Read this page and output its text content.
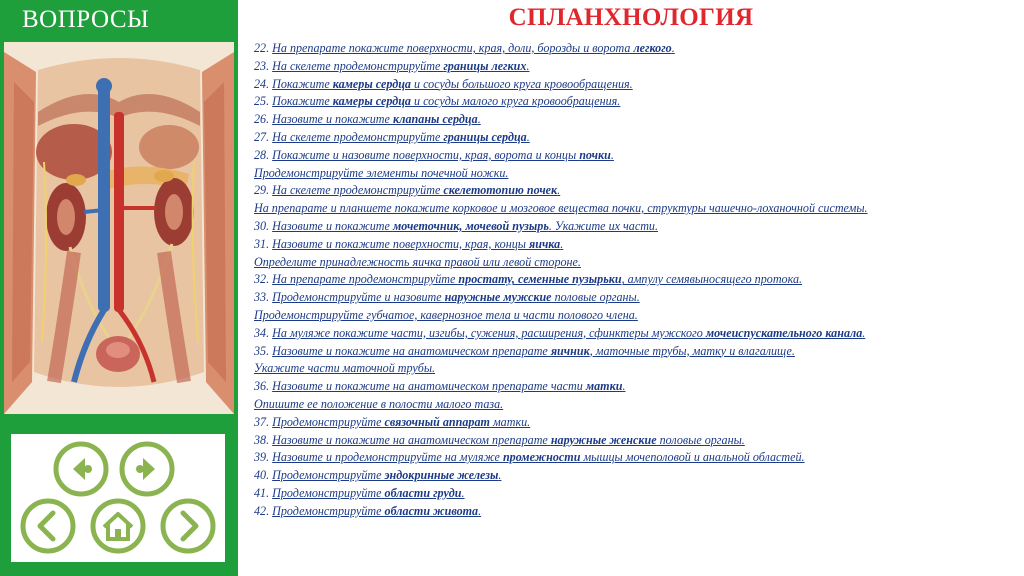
ВОПРОСЫ	СПЛАНХНОЛОГИЯ
22. На препарате покажите поверхности, края, доли, борозды и ворота легкого.
23. На скелете продемонстрируйте границы легких.
24. Покажите камеры сердца и сосуды большого круга кровообращения.
25. Покажите камеры сердца и сосуды малого круга кровообращения.
26. Назовите и покажите клапаны сердца.
27. На скелете продемонстрируйте границы сердца.
28. Покажите и назовите поверхности, края, ворота и концы почки.
Продемонстрируйте элементы почечной ножки.
29. На скелете продемонстрируйте скелетотопию почек.
На препарате и планшете покажите корковое и мозговое вещества почки, структуры чашечно-лоханочной системы.
30. Назовите и покажите мочеточник, мочевой пузырь. Укажите их части.
31. Назовите и покажите поверхности, края, концы яичка.
Определите принадлежность яичка правой или левой стороне.
32. На препарате продемонстрируйте простату, семенные пузырьки, ампулу семявыносящего протока.
33. Продемонстрируйте и назовите наружные мужские половые органы.
Продемонстрируйте губчатое, кавернозное тела и части полового члена.
34. На муляже покажите части, изгибы, сужения, расширения, сфинктеры мужского мочеиспускательного канала.
35. Назовите и покажите на анатомическом препарате яичник, маточные трубы, матку и влагалище.
Укажите части маточной трубы.
36. Назовите и покажите на анатомическом препарате части матки.
Опишите ее положение в полости малого таза.
37. Продемонстрируйте связочный аппарат матки.
38. Назовите и покажите на анатомическом препарате наружные женские половые органы.
39. Назовите и продемонстрируйте на муляже промежности мышцы мочеполовой и анальной областей.
40. Продемонстрируйте эндокринные железы.
41. Продемонстрируйте области груди.
42. Продемонстрируйте области живота.
